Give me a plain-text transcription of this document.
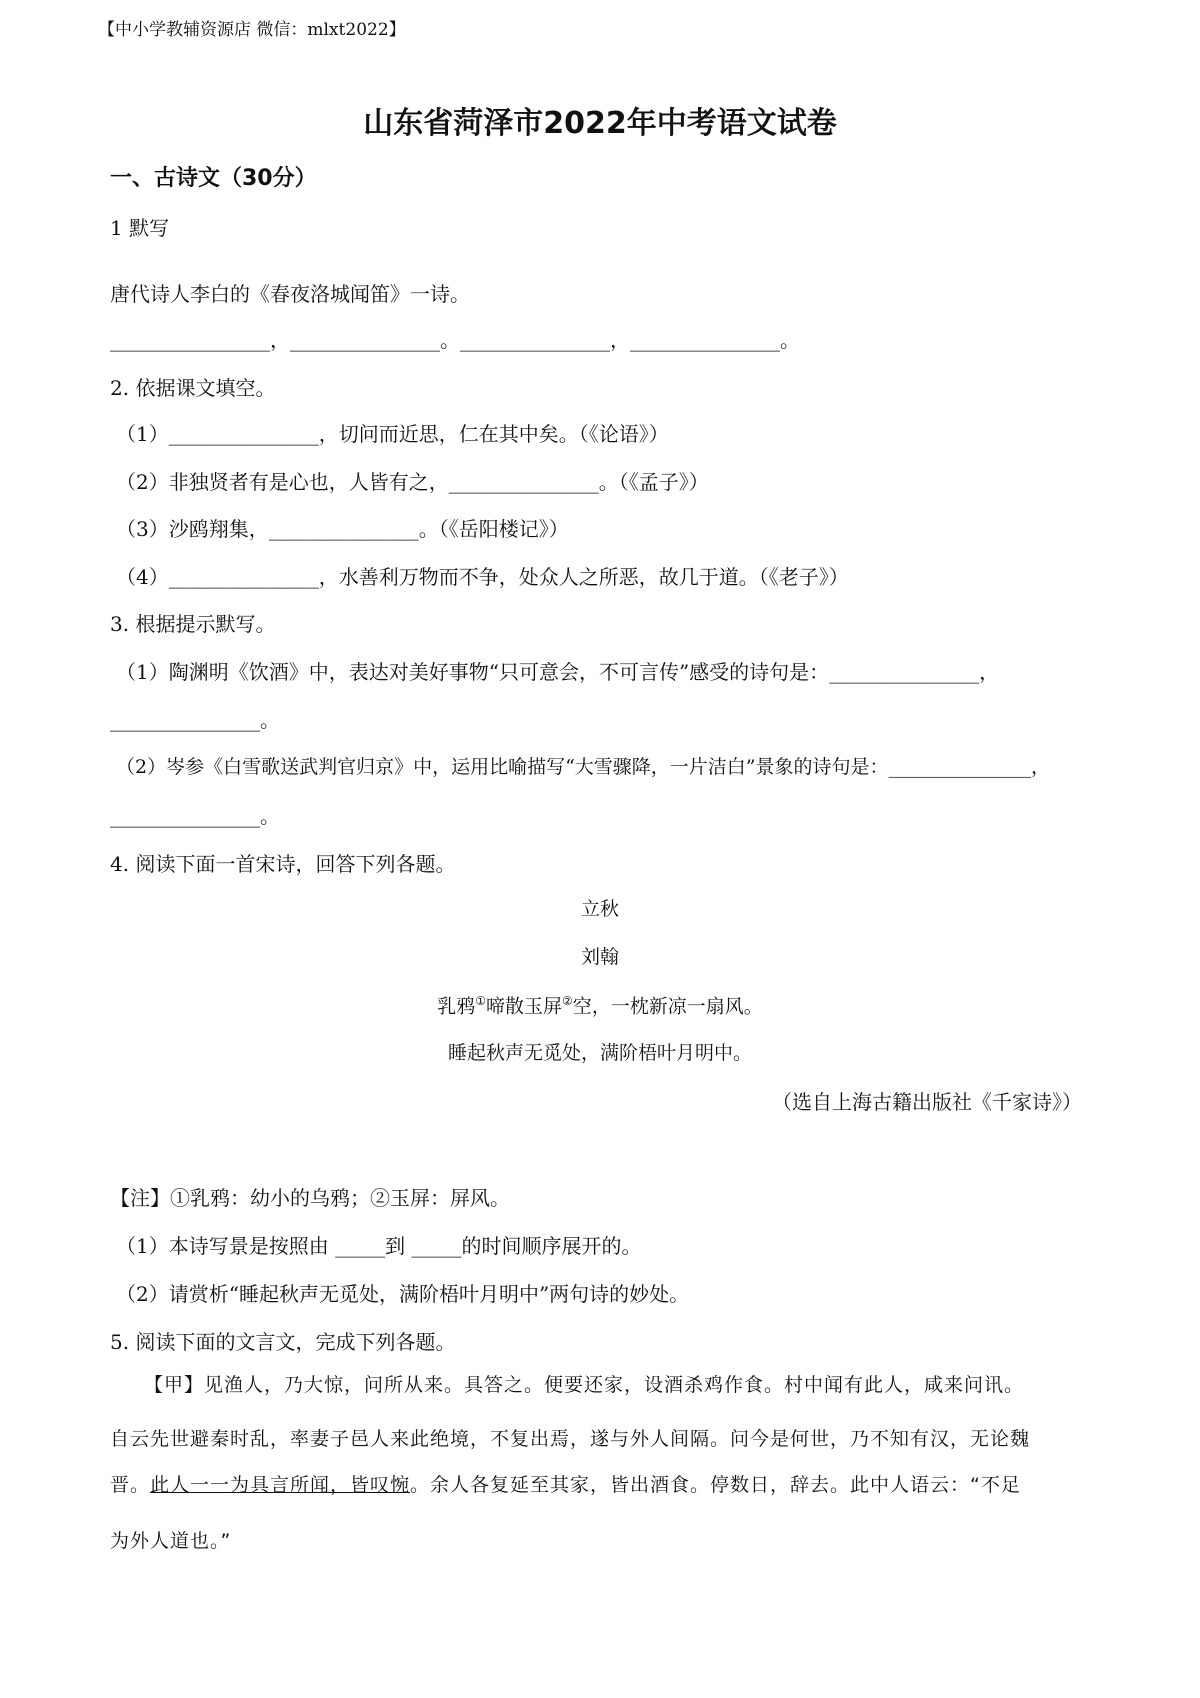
【中小学教辅资源店 微信：mlxt2022】
山东省菏泽市2022年中考语文试卷
一、古诗文（30分）
1 默写
唐代诗人李白的《春夜洛城闻笛》一诗。
________________，_______________。_______________，_______________。
2. 依据课文填空。
（1）_______________，切问而近思，仁在其中矣。（《论语》）
（2）非独贤者有是心也，人皆有之，_______________。（《孟子》）
（3）沙鸥翔集，_______________。（《岳阳楼记》）
（4）_______________，水善利万物而不争，处众人之所恶，故几于道。（《老子》）
3. 根据提示默写。
（1）陶渊明《饮酒》中，表达对美好事物“只可意会，不可言传”感受的诗句是：_______________，
_______________。
（2）岑参《白雪歌送武判官归京》中，运用比喻描写“大雪骤降，一片洁白”景象的诗句是：_______________，
_______________。
4. 阅读下面一首宋诗，回答下列各题。
立秋
刘翰
乳鸦①啼散玉屏②空，一枕新凉一扇风。
睡起秋声无觅处，满阶梧叶月明中。
（选自上海古籍出版社《千家诗》）
【注】①乳鸦：幼小的乌鸦；②玉屏：屏风。
（1）本诗写景是按照由 _____到 _____的时间顺序展开的。
（2）请赏析“睡起秋声无觅处，满阶梧叶月明中”两句诗的妙处。
5. 阅读下面的文言文，完成下列各题。
【甲】见渔人，乃大惊，问所从来。具答之。便要还家，设酒杀鸡作食。村中闻有此人，咸来问讯。
自云先世避秦时乱，率妻子邑人来此绝境，不复出焉，遂与外人间隔。问今是何世，乃不知有汉，无论魏
晋。此人一一为具言所闻，皆叹惋。余人各复延至其家，皆出酒食。停数日，辞去。此中人语云：“不足
为外人道也。”
